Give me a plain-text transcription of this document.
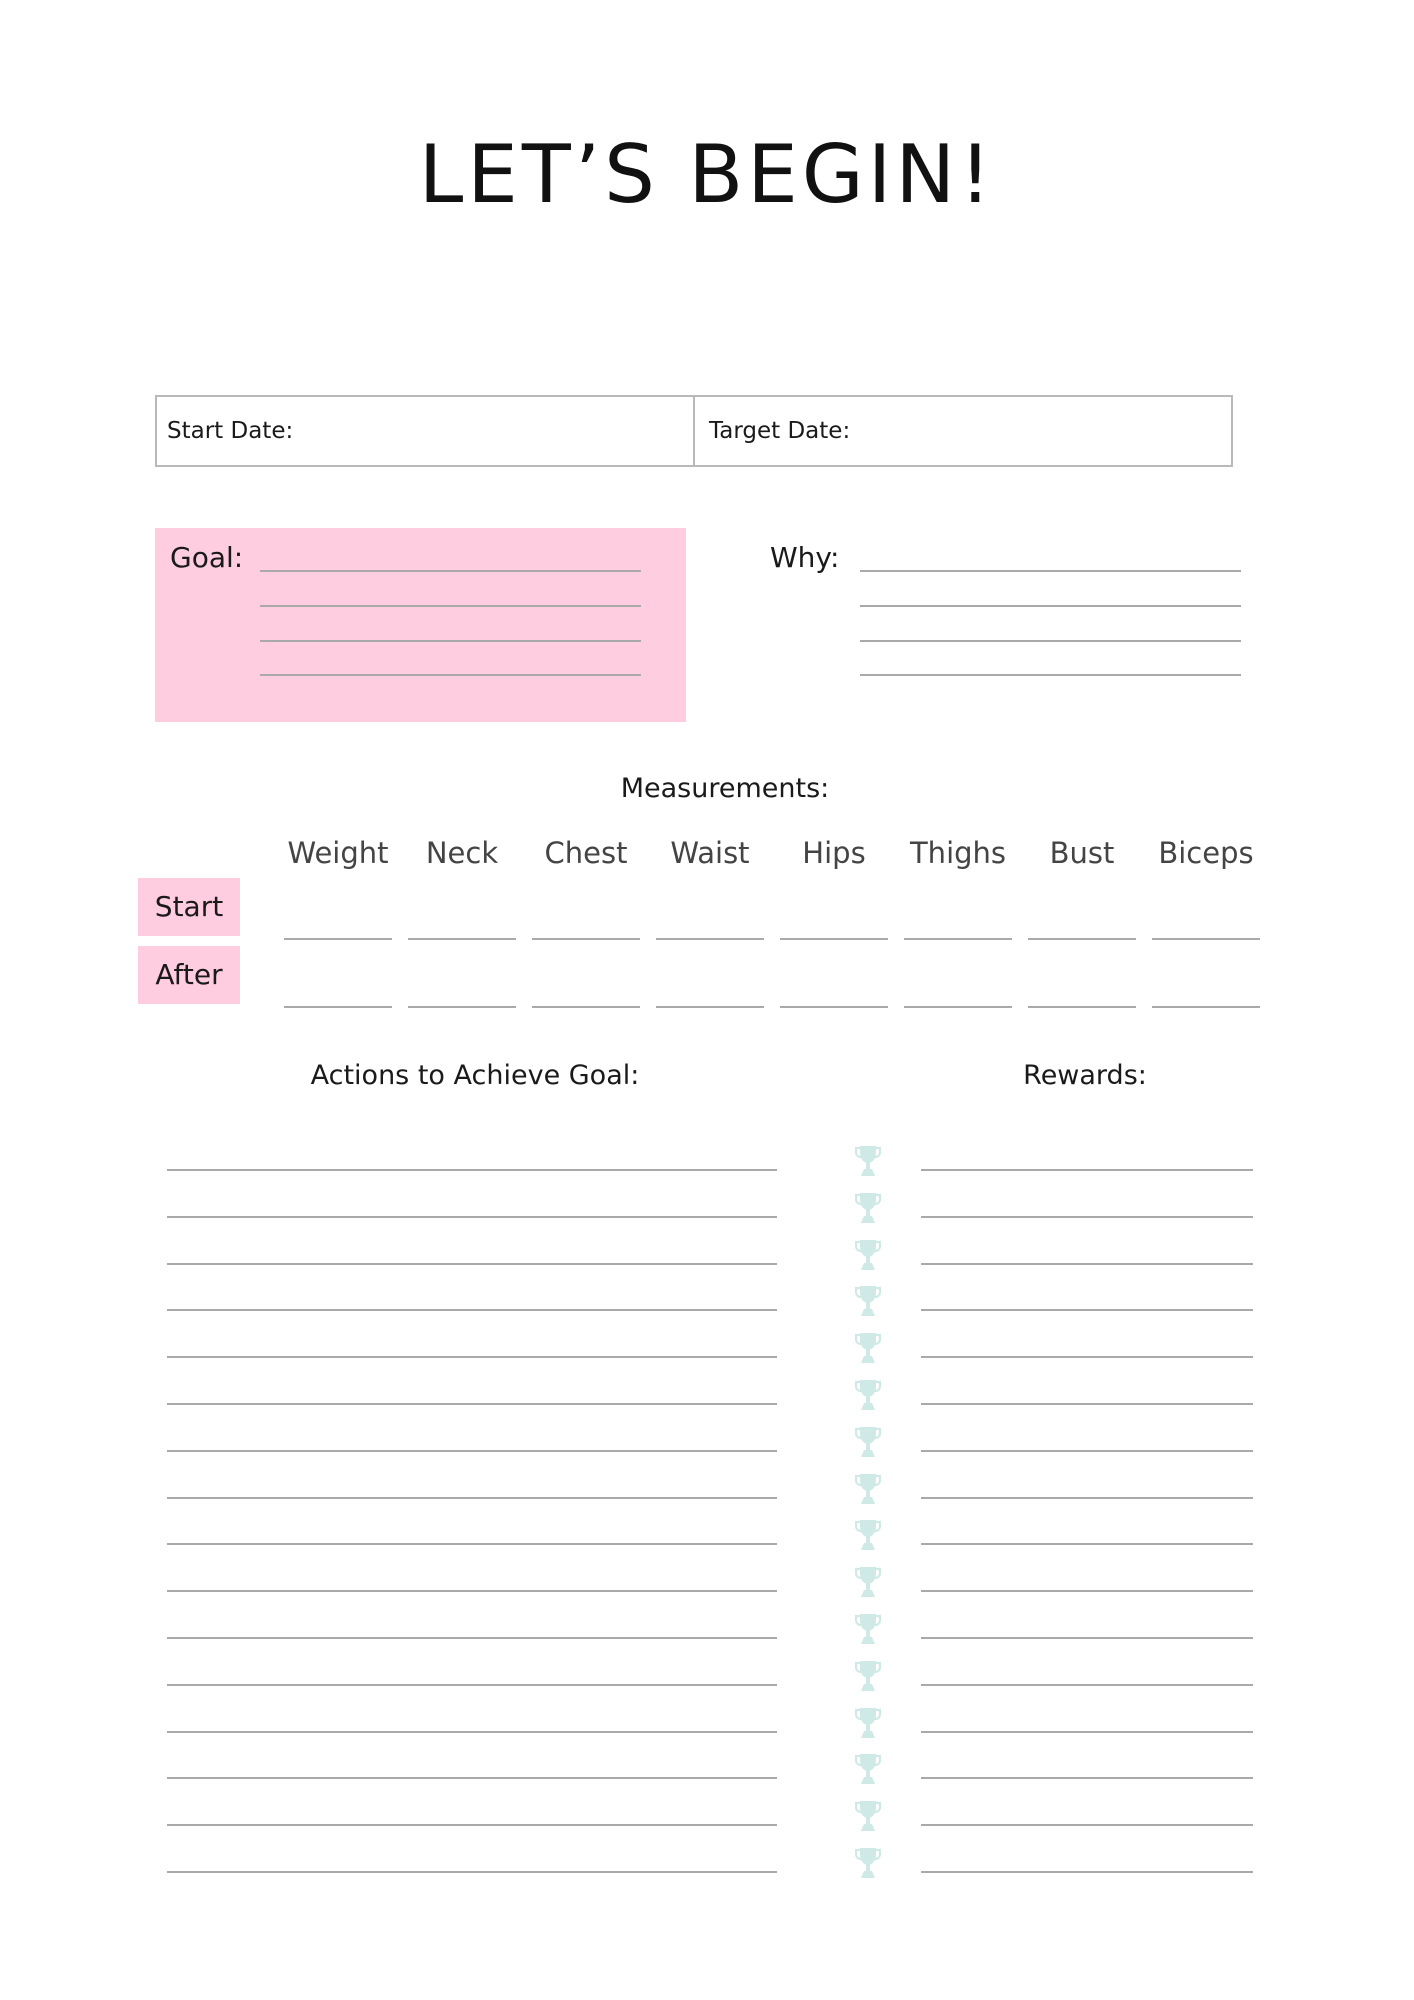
LET’S BEGIN!
Start Date:	Target Date:
Goal:	Why:
Measurements:
Weight	Neck	Chest	Waist	Hips	Thighs	Bust	Biceps
Start
After
Actions to Achieve Goal:	Rewards:
